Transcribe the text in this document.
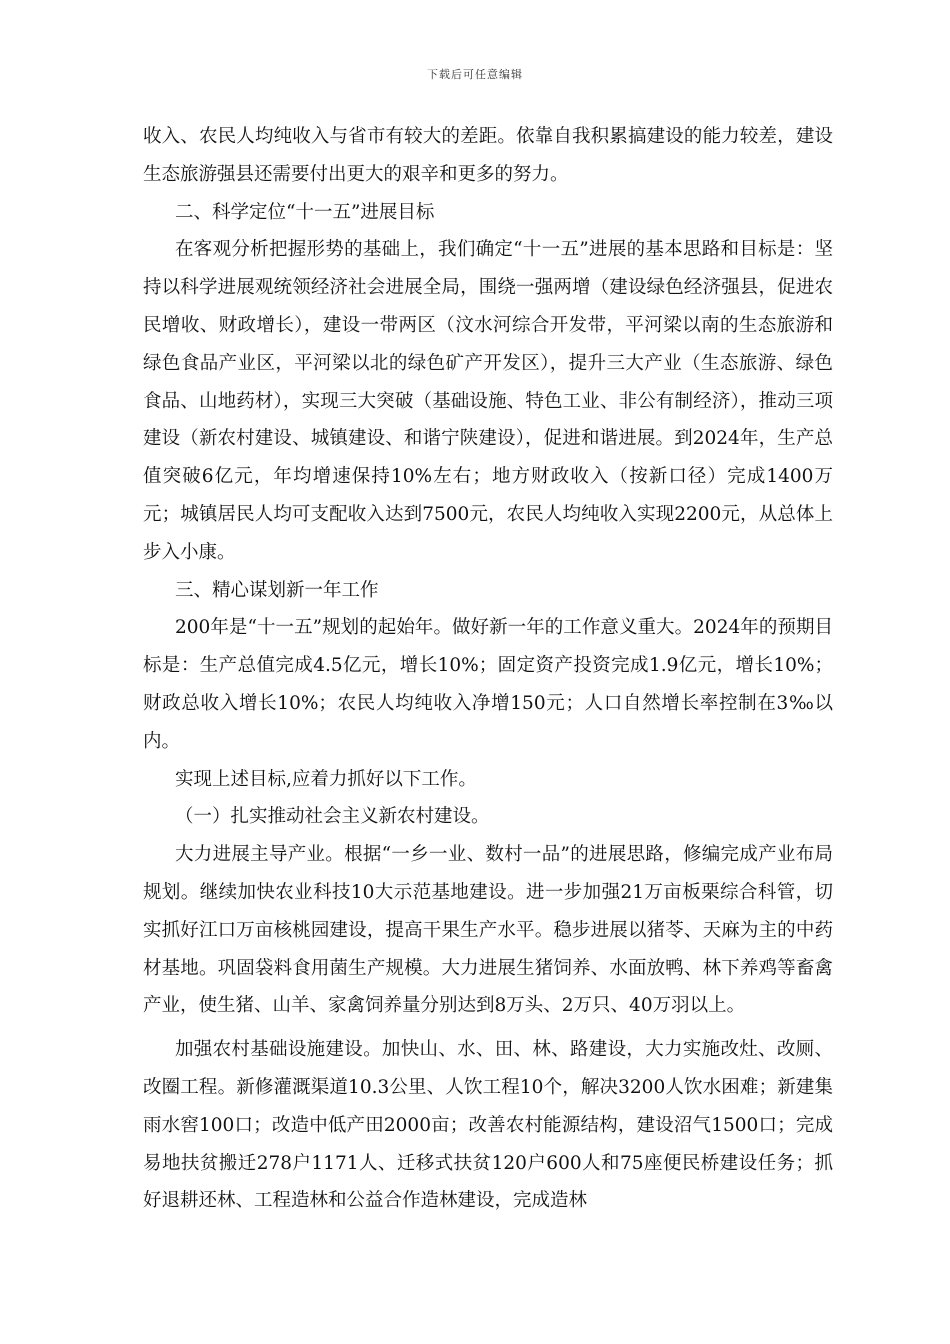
下载后可任意编辑

收入、农民人均纯收入与省市有较大的差距。依靠自我积累搞建设的能力较差，建设生态旅游强县还需要付出更大的艰辛和更多的努力。

二、科学定位“十一五”进展目标

在客观分析把握形势的基础上，我们确定“十一五”进展的基本思路和目标是：坚持以科学进展观统领经济社会进展全局，围绕一强两增（建设绿色经济强县，促进农民增收、财政增长），建设一带两区（汶水河综合开发带，平河梁以南的生态旅游和绿色食品产业区，平河梁以北的绿色矿产开发区），提升三大产业（生态旅游、绿色食品、山地药材），实现三大突破（基础设施、特色工业、非公有制经济），推动三项建设（新农村建设、城镇建设、和谐宁陕建设），促进和谐进展。到2024年，生产总值突破6亿元，年均增速保持10%左右；地方财政收入（按新口径）完成1400万元；城镇居民人均可支配收入达到7500元，农民人均纯收入实现2200元，从总体上步入小康。

三、精心谋划新一年工作

200年是“十一五”规划的起始年。做好新一年的工作意义重大。2024年的预期目标是：生产总值完成4.5亿元，增长10%；固定资产投资完成1.9亿元，增长10%；财政总收入增长10%；农民人均纯收入净增150元；人口自然增长率控制在3‰以内。

实现上述目标,应着力抓好以下工作。

（一）扎实推动社会主义新农村建设。

大力进展主导产业。根据“一乡一业、数村一品”的进展思路，修编完成产业布局规划。继续加快农业科技10大示范基地建设。进一步加强21万亩板栗综合科管，切实抓好江口万亩核桃园建设，提高干果生产水平。稳步进展以猪苓、天麻为主的中药材基地。巩固袋料食用菌生产规模。大力进展生猪饲养、水面放鸭、林下养鸡等畜禽产业，使生猪、山羊、家禽饲养量分别达到8万头、2万只、40万羽以上。

加强农村基础设施建设。加快山、水、田、林、路建设，大力实施改灶、改厕、改圈工程。新修灌溉渠道10.3公里、人饮工程10个，解决3200人饮水困难；新建集雨水窖100口；改造中低产田2000亩；改善农村能源结构，建设沼气1500口；完成易地扶贫搬迁278户1171人、迁移式扶贫120户600人和75座便民桥建设任务；抓好退耕还林、工程造林和公益合作造林建设，完成造林
